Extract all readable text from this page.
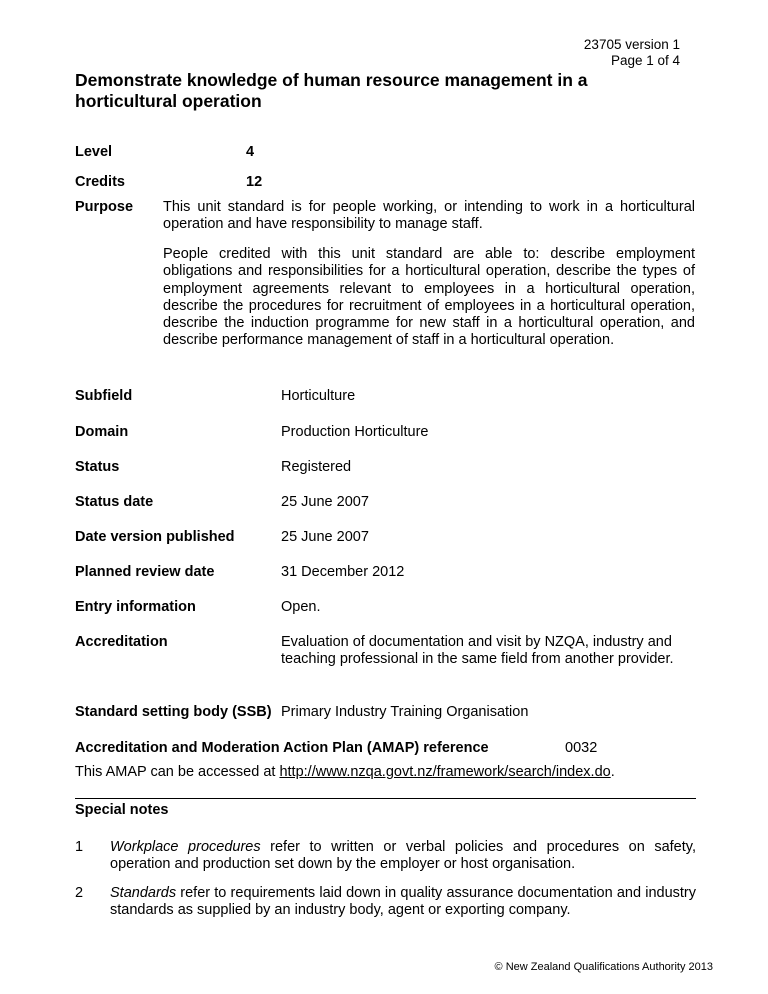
23705 version 1
Page 1 of 4
Demonstrate knowledge of human resource management in a horticultural operation
Level	4
Credits	12
Purpose This unit standard is for people working, or intending to work in a horticultural operation and have responsibility to manage staff.
People credited with this unit standard are able to: describe employment obligations and responsibilities for a horticultural operation, describe the types of employment agreements relevant to employees in a horticultural operation, describe the procedures for recruitment of employees in a horticultural operation, describe the induction programme for new staff in a horticultural operation, and describe performance management of staff in a horticultural operation.
Subfield	Horticulture
Domain	Production Horticulture
Status	Registered
Status date	25 June 2007
Date version published	25 June 2007
Planned review date	31 December 2012
Entry information	Open.
Accreditation	Evaluation of documentation and visit by NZQA, industry and teaching professional in the same field from another provider.
Standard setting body (SSB) Primary Industry Training Organisation
Accreditation and Moderation Action Plan (AMAP) reference	0032
This AMAP can be accessed at http://www.nzqa.govt.nz/framework/search/index.do.
Special notes
1 Workplace procedures refer to written or verbal policies and procedures on safety, operation and production set down by the employer or host organisation.
2 Standards refer to requirements laid down in quality assurance documentation and industry standards as supplied by an industry body, agent or exporting company.
© New Zealand Qualifications Authority 2013
